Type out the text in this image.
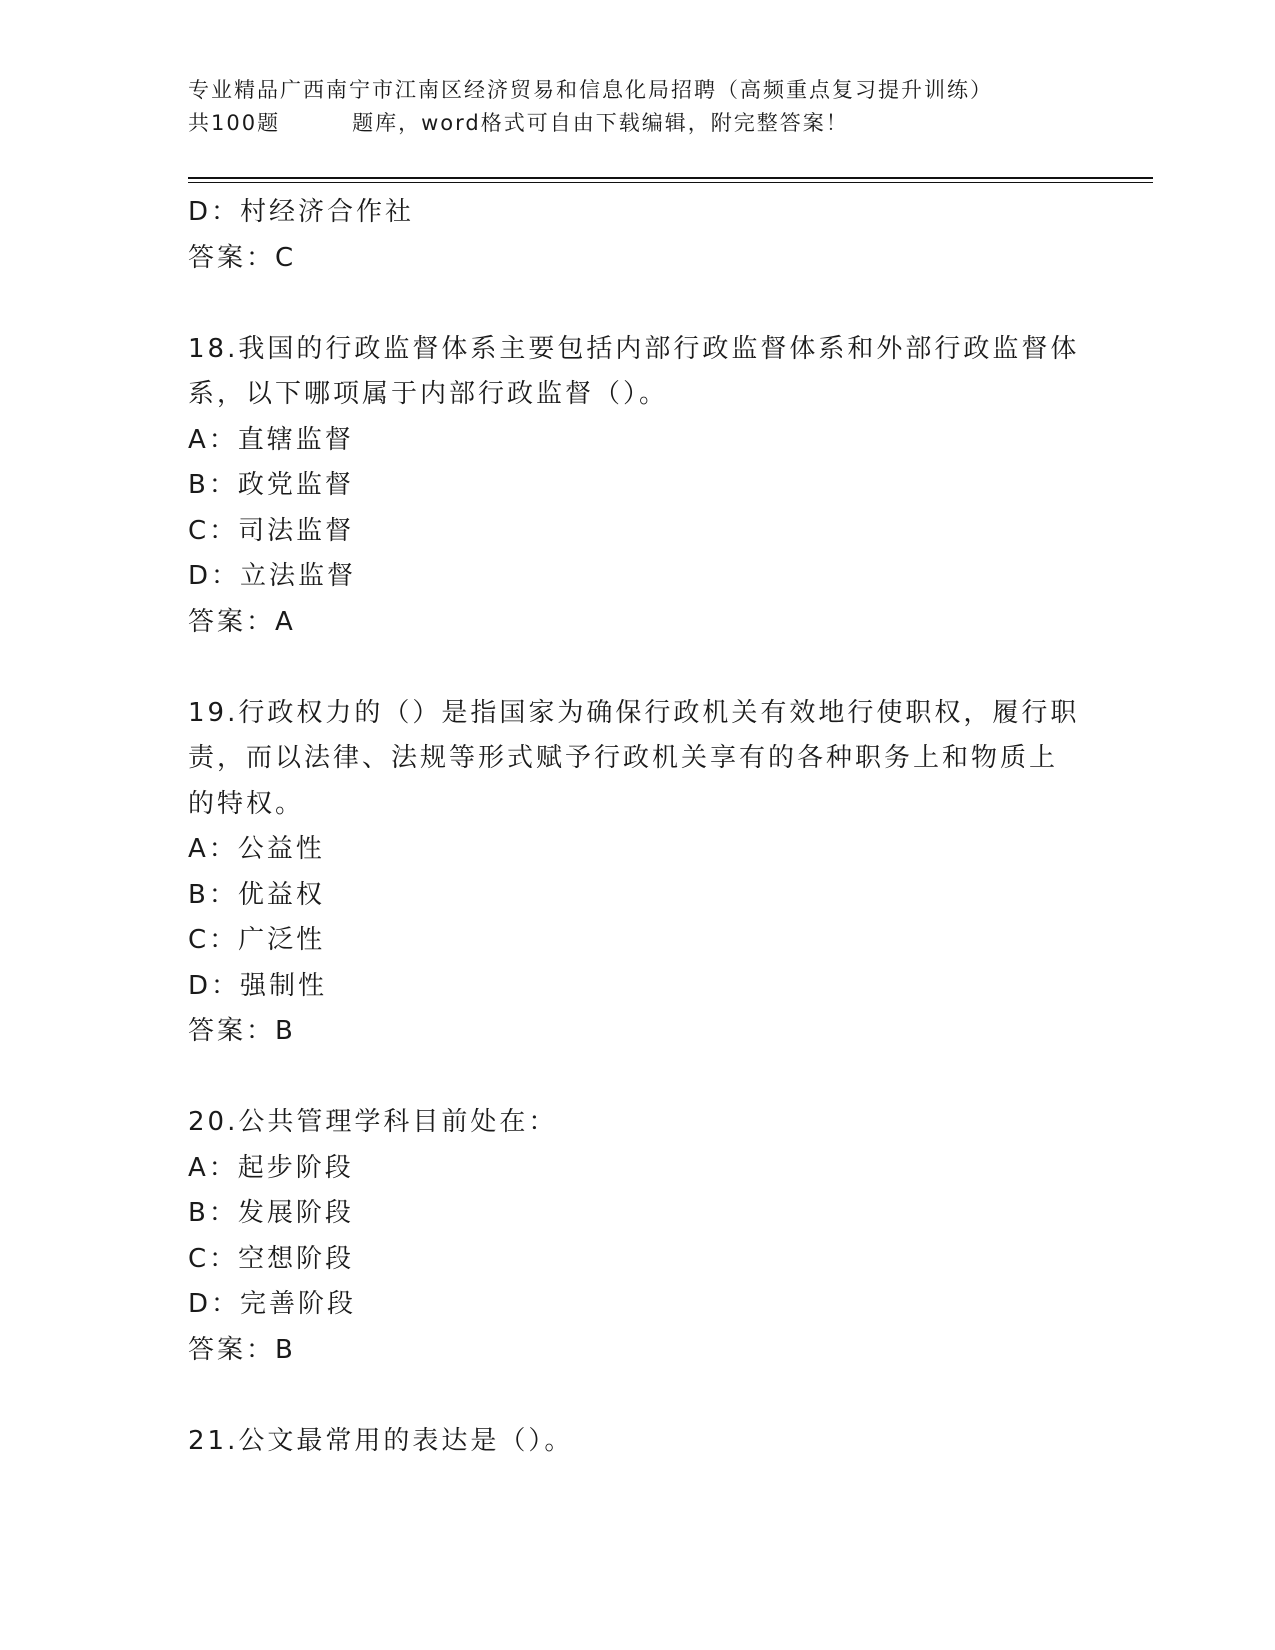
专业精品广西南宁市江南区经济贸易和信息化局招聘（高频重点复习提升训练）
共100题	题库，word格式可自由下载编辑，附完整答案！
D：村经济合作社
答案：C
18.我国的行政监督体系主要包括内部行政监督体系和外部行政监督体
系，以下哪项属于内部行政监督（）。
A：直辖监督
B：政党监督
C：司法监督
D：立法监督
答案：A
19.行政权力的（）是指国家为确保行政机关有效地行使职权，履行职
责，而以法律、法规等形式赋予行政机关享有的各种职务上和物质上
的特权。
A：公益性
B：优益权
C：广泛性
D：强制性
答案：B
20.公共管理学科目前处在：
A：起步阶段
B：发展阶段
C：空想阶段
D：完善阶段
答案：B
21.公文最常用的表达是（）。
